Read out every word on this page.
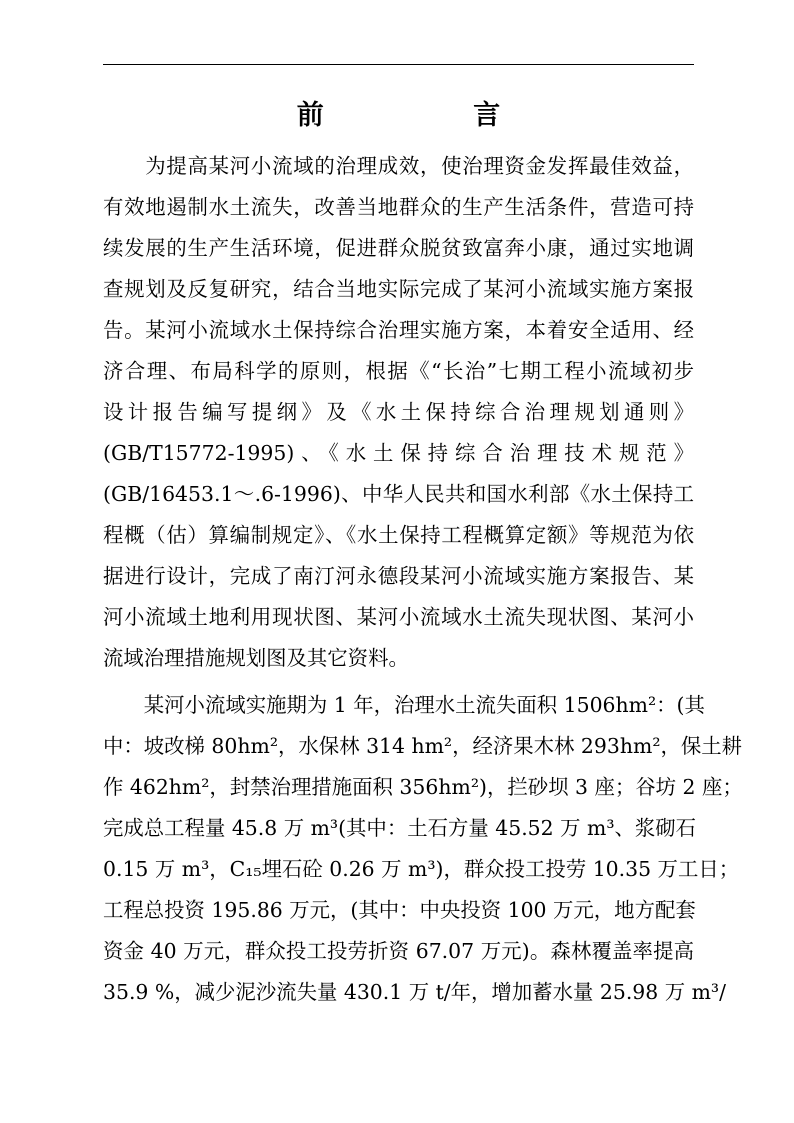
前 言
　　为提高某河小流域的治理成效，使治理资金发挥最佳效益，
有效地遏制水土流失，改善当地群众的生产生活条件，营造可持
续发展的生产生活环境，促进群众脱贫致富奔小康，通过实地调
查规划及反复研究，结合当地实际完成了某河小流域实施方案报
告。某河小流域水土保持综合治理实施方案，本着安全适用、经
济合理、布局科学的原则，根据《“长治”七期工程小流域初步
设计报告编写提纲》及《水土保持综合治理规划通则》
(GB/T15772-1995)、《水土保持综合治理技术规范》
(GB/16453.1～.6-1996)、中华人民共和国水利部《水土保持工
程概（估）算编制规定》、《水土保持工程概算定额》等规范为依
据进行设计，完成了南汀河永德段某河小流域实施方案报告、某
河小流域土地利用现状图、某河小流域水土流失现状图、某河小
流域治理措施规划图及其它资料。
　　某河小流域实施期为 1 年，治理水土流失面积 1506hm²：(其
中：坡改梯 80hm²，水保林 314 hm²，经济果木林 293hm²，保土耕
作 462hm²，封禁治理措施面积 356hm²)，拦砂坝 3 座；谷坊 2 座；
完成总工程量 45.8 万 m³(其中：土石方量 45.52 万 m³、浆砌石
0.15 万 m³，C₁₅埋石砼 0.26 万 m³)，群众投工投劳 10.35 万工日；
工程总投资 195.86 万元，(其中：中央投资 100 万元，地方配套
资金 40 万元，群众投工投劳折资 67.07 万元)。森林覆盖率提高
35.9 %，减少泥沙流失量 430.1 万 t/年，增加蓄水量 25.98 万 m³/
